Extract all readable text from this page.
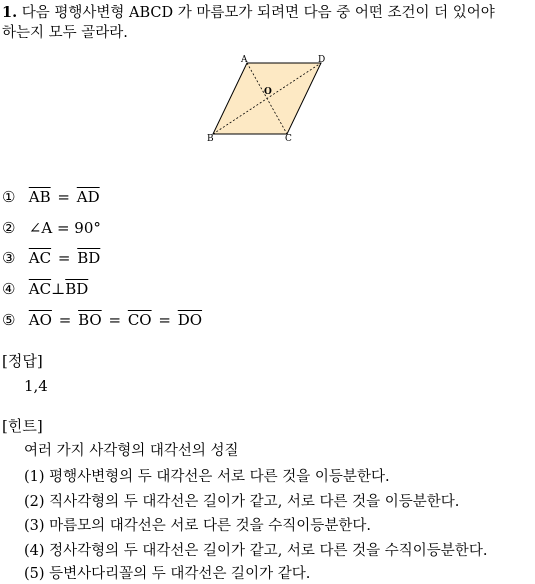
1. 다음 평행사변형 ABCD 가 마름모가 되려면 다음 중 어떤 조건이 더 있어야
하는지 모두 골라라.
A	D
B	C
O
① $\overline{AB} = \overline{AD}$
② ∠A = 90°
③ $\overline{AC} = \overline{BD}$
④ $\overline{AC}\perp\overline{BD}$
⑤ $\overline{AO} = \overline{BO} = \overline{CO} = \overline{DO}$
[정답]
1,4
[힌트]
여러 가지 사각형의 대각선의 성질
(1) 평행사변형의 두 대각선은 서로 다른 것을 이등분한다.
(2) 직사각형의 두 대각선은 길이가 같고, 서로 다른 것을 이등분한다.
(3) 마름모의 대각선은 서로 다른 것을 수직이등분한다.
(4) 정사각형의 두 대각선은 길이가 같고, 서로 다른 것을 수직이등분한다.
(5) 등변사다리꼴의 두 대각선은 길이가 같다.
